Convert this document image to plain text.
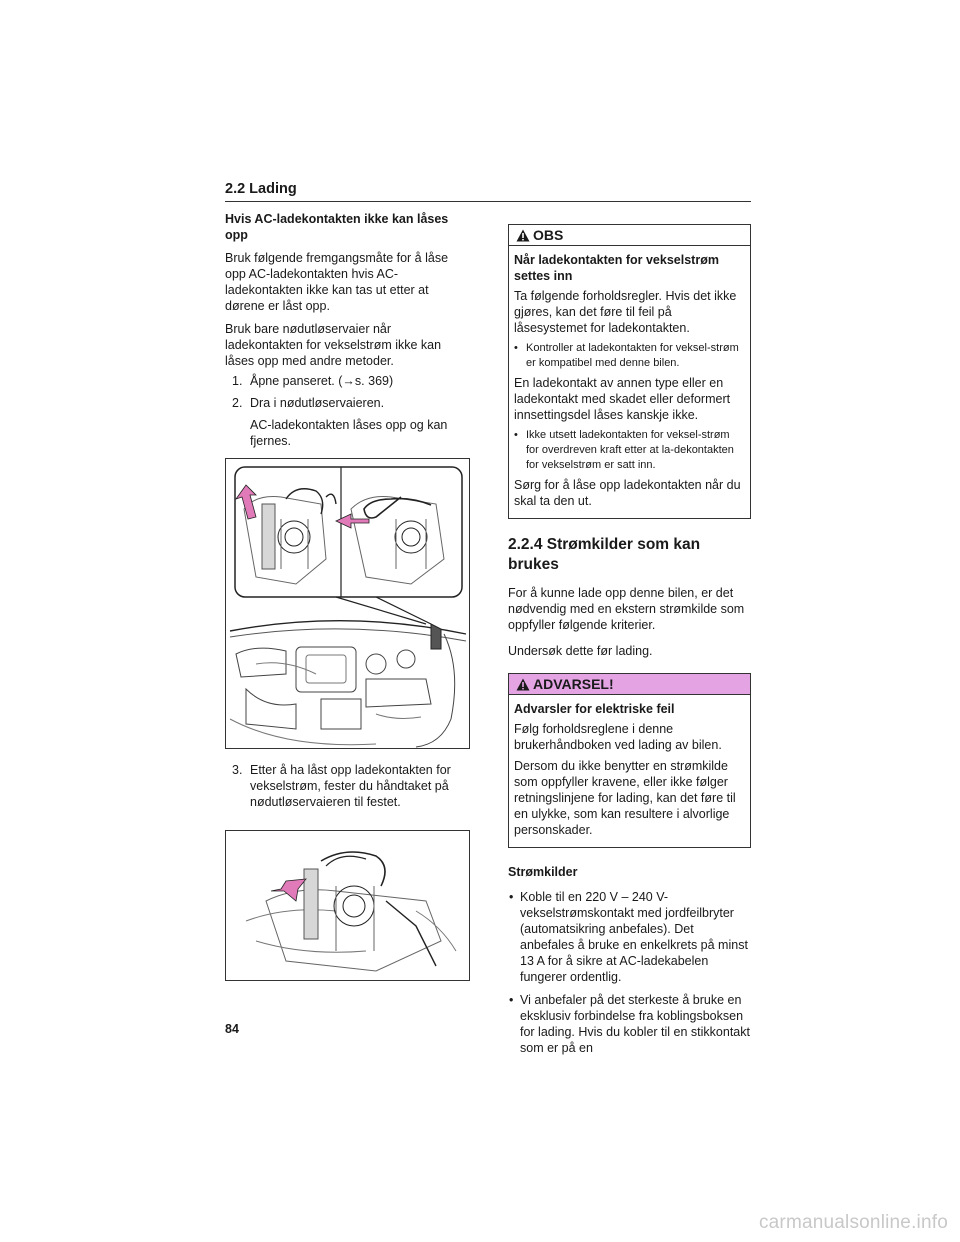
2.2 Lading
Hvis AC-ladekontakten ikke kan låses opp
Bruk følgende fremgangsmåte for å låse opp AC-ladekontakten hvis AC-ladekontakten ikke kan tas ut etter at dørene er låst opp.
Bruk bare nødutløservaier når ladekontakten for vekselstrøm ikke kan låses opp med andre metoder.
1. Åpne panseret. (→s. 369)
2. Dra i nødutløservaieren.
AC-ladekontakten låses opp og kan fjernes.
3. Etter å ha låst opp ladekontakten for vekselstrøm, fester du håndtaket på nødutløservaieren til festet.
OBS
Når ladekontakten for vekselstrøm settes inn
Ta følgende forholdsregler. Hvis det ikke gjøres, kan det føre til feil på låsesystemet for ladekontakten.
• Kontroller at ladekontakten for veksel-strøm er kompatibel med denne bilen.
En ladekontakt av annen type eller en ladekontakt med skadet eller deformert innsettingsdel låses kanskje ikke.
• Ikke utsett ladekontakten for veksel-strøm for overdreven kraft etter at la-dekontakten for vekselstrøm er satt inn.
Sørg for å låse opp ladekontakten når du skal ta den ut.
2.2.4 Strømkilder som kan brukes
For å kunne lade opp denne bilen, er det nødvendig med en ekstern strømkilde som oppfyller følgende kriterier.
Undersøk dette før lading.
ADVARSEL!
Advarsler for elektriske feil
Følg forholdsreglene i denne brukerhåndboken ved lading av bilen.
Dersom du ikke benytter en strømkilde som oppfyller kravene, eller ikke følger retningslinjene for lading, kan det føre til en ulykke, som kan resultere i alvorlige personskader.
Strømkilder
• Koble til en 220 V – 240 V-vekselstrømskontakt med jordfeilbryter (automatsikring anbefales). Det anbefales å bruke en enkelkrets på minst 13 A for å sikre at AC-ladekabelen fungerer ordentlig.
• Vi anbefaler på det sterkeste å bruke en eksklusiv forbindelse fra koblingsboksen for lading. Hvis du kobler til en stikkontakt som er på en
84
carmanualsonline.info
